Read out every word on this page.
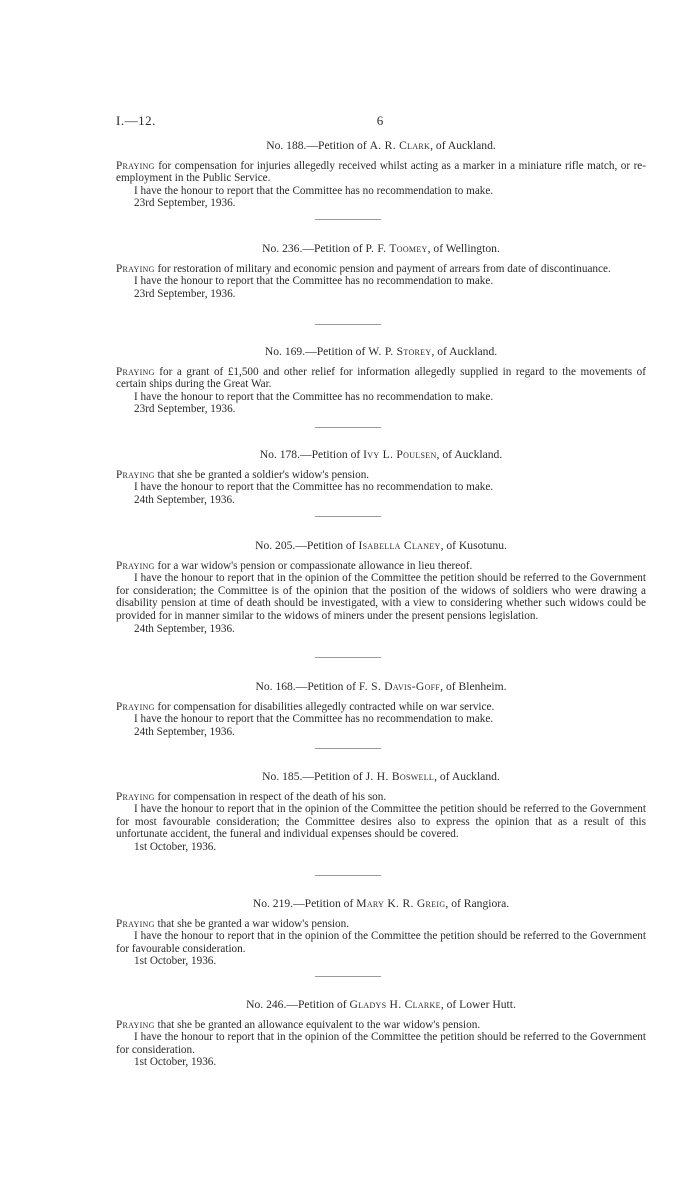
I.—12.	6

No. 188.—Petition of A. R. Clark, of Auckland.

Praying for compensation for injuries allegedly received whilst acting as a marker in a miniature rifle match, or re-employment in the Public Service.

I have the honour to report that the Committee has no recommendation to make.

23rd September, 1936.

No. 236.—Petition of P. F. Toomey, of Wellington.

Praying for restoration of military and economic pension and payment of arrears from date of discontinuance.

I have the honour to report that the Committee has no recommendation to make.

23rd September, 1936.

No. 169.—Petition of W. P. Storey, of Auckland.

Praying for a grant of £1,500 and other relief for information allegedly supplied in regard to the movements of certain ships during the Great War.

I have the honour to report that the Committee has no recommendation to make.

23rd September, 1936.

No. 178.—Petition of Ivy L. Poulsen, of Auckland.

Praying that she be granted a soldier's widow's pension.

I have the honour to report that the Committee has no recommendation to make.

24th September, 1936.

No. 205.—Petition of Isabella Claney, of Kusotunu.

Praying for a war widow's pension or compassionate allowance in lieu thereof.

I have the honour to report that in the opinion of the Committee the petition should be referred to the Government for consideration; the Committee is of the opinion that the position of the widows of soldiers who were drawing a disability pension at time of death should be investigated, with a view to considering whether such widows could be provided for in manner similar to the widows of miners under the present pensions legislation.

24th September, 1936.

No. 168.—Petition of F. S. Davis-Goff, of Blenheim.

Praying for compensation for disabilities allegedly contracted while on war service.

I have the honour to report that the Committee has no recommendation to make.

24th September, 1936.

No. 185.—Petition of J. H. Boswell, of Auckland.

Praying for compensation in respect of the death of his son.

I have the honour to report that in the opinion of the Committee the petition should be referred to the Government for most favourable consideration; the Committee desires also to express the opinion that as a result of this unfortunate accident, the funeral and individual expenses should be covered.

1st October, 1936.

No. 219.—Petition of Mary K. R. Greig, of Rangiora.

Praying that she be granted a war widow's pension.

I have the honour to report that in the opinion of the Committee the petition should be referred to the Government for favourable consideration.

1st October, 1936.

No. 246.—Petition of Gladys H. Clarke, of Lower Hutt.

Praying that she be granted an allowance equivalent to the war widow's pension.

I have the honour to report that in the opinion of the Committee the petition should be referred to the Government for consideration.

1st October, 1936.
